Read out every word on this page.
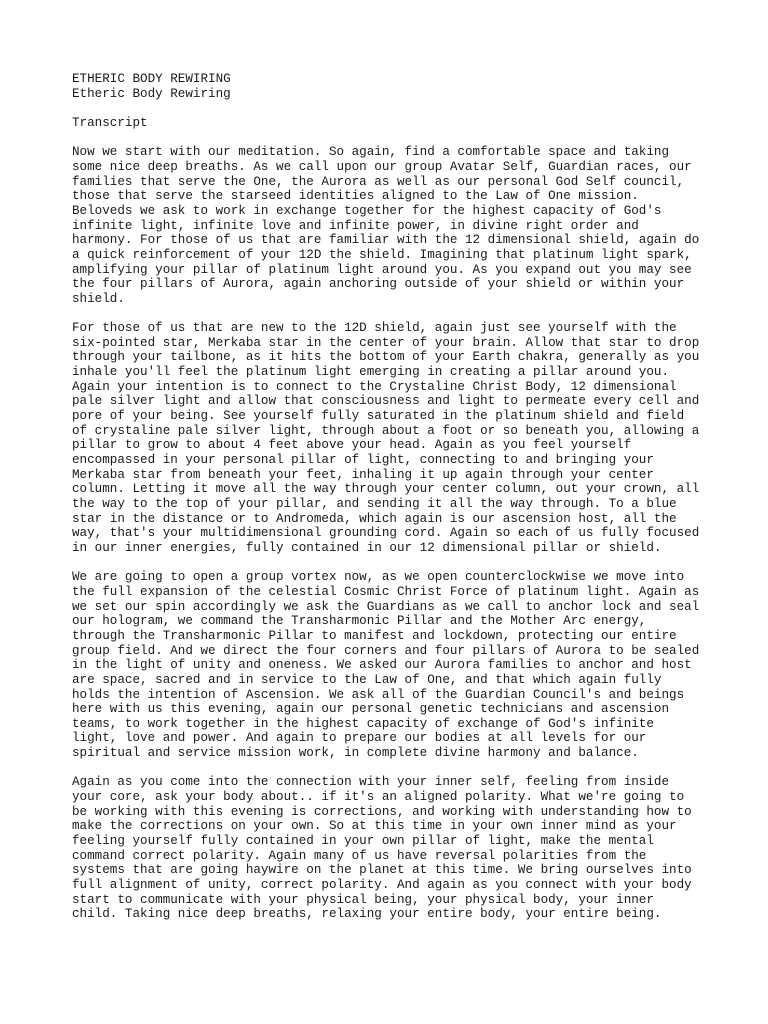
ETHERIC BODY REWIRING
Etheric Body Rewiring
Transcript
Now we start with our meditation. So again, find a comfortable space and taking
some nice deep breaths. As we call upon our group Avatar Self, Guardian races, our
families that serve the One, the Aurora as well as our personal God Self council,
those that serve the starseed identities aligned to the Law of One mission.
Beloveds we ask to work in exchange together for the highest capacity of God's
infinite light, infinite love and infinite power, in divine right order and
harmony. For those of us that are familiar with the 12 dimensional shield, again do
a quick reinforcement of your 12D the shield. Imagining that platinum light spark,
amplifying your pillar of platinum light around you. As you expand out you may see
the four pillars of Aurora, again anchoring outside of your shield or within your
shield.
For those of us that are new to the 12D shield, again just see yourself with the
six-pointed star, Merkaba star in the center of your brain. Allow that star to drop
through your tailbone, as it hits the bottom of your Earth chakra, generally as you
inhale you'll feel the platinum light emerging in creating a pillar around you.
Again your intention is to connect to the Crystaline Christ Body, 12 dimensional
pale silver light and allow that consciousness and light to permeate every cell and
pore of your being. See yourself fully saturated in the platinum shield and field
of crystaline pale silver light, through about a foot or so beneath you, allowing a
pillar to grow to about 4 feet above your head. Again as you feel yourself
encompassed in your personal pillar of light, connecting to and bringing your
Merkaba star from beneath your feet, inhaling it up again through your center
column. Letting it move all the way through your center column, out your crown, all
the way to the top of your pillar, and sending it all the way through. To a blue
star in the distance or to Andromeda, which again is our ascension host, all the
way, that's your multidimensional grounding cord. Again so each of us fully focused
in our inner energies, fully contained in our 12 dimensional pillar or shield.
We are going to open a group vortex now, as we open counterclockwise we move into
the full expansion of the celestial Cosmic Christ Force of platinum light. Again as
we set our spin accordingly we ask the Guardians as we call to anchor lock and seal
our hologram, we command the Transharmonic Pillar and the Mother Arc energy,
through the Transharmonic Pillar to manifest and lockdown, protecting our entire
group field. And we direct the four corners and four pillars of Aurora to be sealed
in the light of unity and oneness. We asked our Aurora families to anchor and host
are space, sacred and in service to the Law of One, and that which again fully
holds the intention of Ascension. We ask all of the Guardian Council's and beings
here with us this evening, again our personal genetic technicians and ascension
teams, to work together in the highest capacity of exchange of God's infinite
light, love and power. And again to prepare our bodies at all levels for our
spiritual and service mission work, in complete divine harmony and balance.
Again as you come into the connection with your inner self, feeling from inside
your core, ask your body about.. if it's an aligned polarity. What we're going to
be working with this evening is corrections, and working with understanding how to
make the corrections on your own. So at this time in your own inner mind as your
feeling yourself fully contained in your own pillar of light, make the mental
command correct polarity. Again many of us have reversal polarities from the
systems that are going haywire on the planet at this time. We bring ourselves into
full alignment of unity, correct polarity. And again as you connect with your body
start to communicate with your physical being, your physical body, your inner
child. Taking nice deep breaths, relaxing your entire body, your entire being.
